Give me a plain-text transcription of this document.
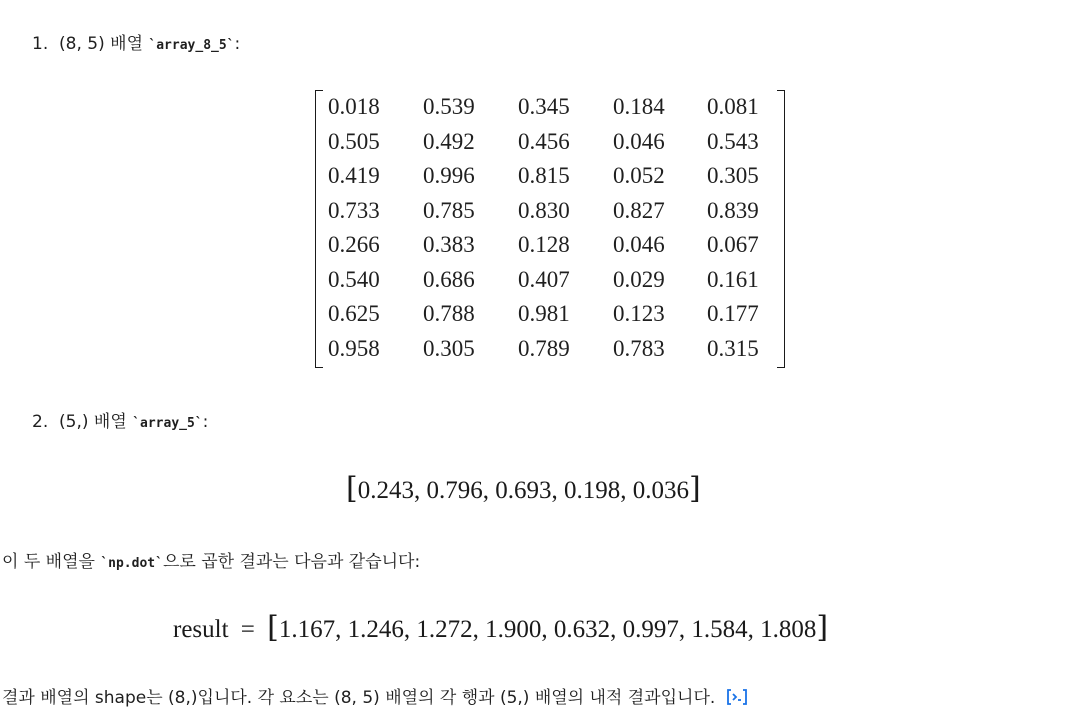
1. (8, 5) 배열 `array_8_5`:
0.018	0.539	0.345	0.184	0.081
0.505	0.492	0.456	0.046	0.543
0.419	0.996	0.815	0.052	0.305
0.733	0.785	0.830	0.827	0.839
0.266	0.383	0.128	0.046	0.067
0.540	0.686	0.407	0.029	0.161
0.625	0.788	0.981	0.123	0.177
0.958	0.305	0.789	0.783	0.315
2. (5,) 배열 `array_5`:
[0.243, 0.796, 0.693, 0.198, 0.036]
이 두 배열을 `np.dot`으로 곱한 결과는 다음과 같습니다:
result = [1.167, 1.246, 1.272, 1.900, 0.632, 0.997, 1.584, 1.808]
결과 배열의 shape는 (8,)입니다. 각 요소는 (8, 5) 배열의 각 행과 (5,) 배열의 내적 결과입니다.
